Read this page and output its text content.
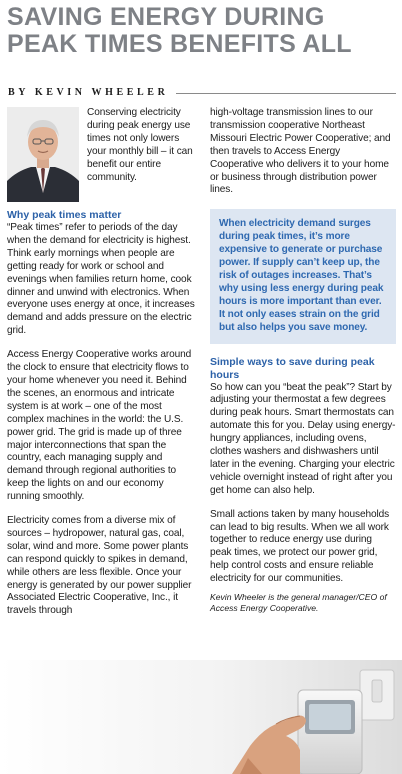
SAVING ENERGY DURING PEAK TIMES BENEFITS ALL
BY KEVIN WHEELER

Conserving electricity during peak energy use times not only lowers your monthly bill – it can benefit our entire community.

Why peak times matter

“Peak times” refer to periods of the day when the demand for electricity is highest. Think early mornings when people are getting ready for work or school and evenings when families return home, cook dinner and unwind with electronics. When everyone uses energy at once, it increases demand and adds pressure on the electric grid.

Access Energy Cooperative works around the clock to ensure that electricity flows to your home whenever you need it. Behind the scenes, an enormous and intricate system is at work – one of the most complex machines in the world: the U.S. power grid. The grid is made up of three major interconnections that span the country, each managing supply and demand through regional authorities to keep the lights on and our economy running smoothly.

Electricity comes from a diverse mix of sources – hydropower, natural gas, coal, solar, wind and more. Some power plants can respond quickly to spikes in demand, while others are less flexible. Once your energy is generated by our power supplier Associated Electric Cooperative, Inc., it travels through

high-voltage transmission lines to our transmission cooperative Northeast Missouri Electric Power Cooperative; and then travels to Access Energy Cooperative who delivers it to your home or business through distribution power lines.

When electricity demand surges during peak times, it’s more expensive to generate or purchase power. If supply can’t keep up, the risk of outages increases. That’s why using less energy during peak hours is more important than ever. It not only eases strain on the grid but also helps you save money.

Simple ways to save during peak hours

So how can you “beat the peak”? Start by adjusting your thermostat a few degrees during peak hours. Smart thermostats can automate this for you. Delay using energy-hungry appliances, including ovens, clothes washers and dishwashers until later in the evening. Charging your electric vehicle overnight instead of right after you get home can also help.

Small actions taken by many households can lead to big results. When we all work together to reduce energy use during peak times, we protect our power grid, help control costs and ensure reliable electricity for our communities.

Kevin Wheeler is the general manager/CEO of Access Energy Cooperative.
